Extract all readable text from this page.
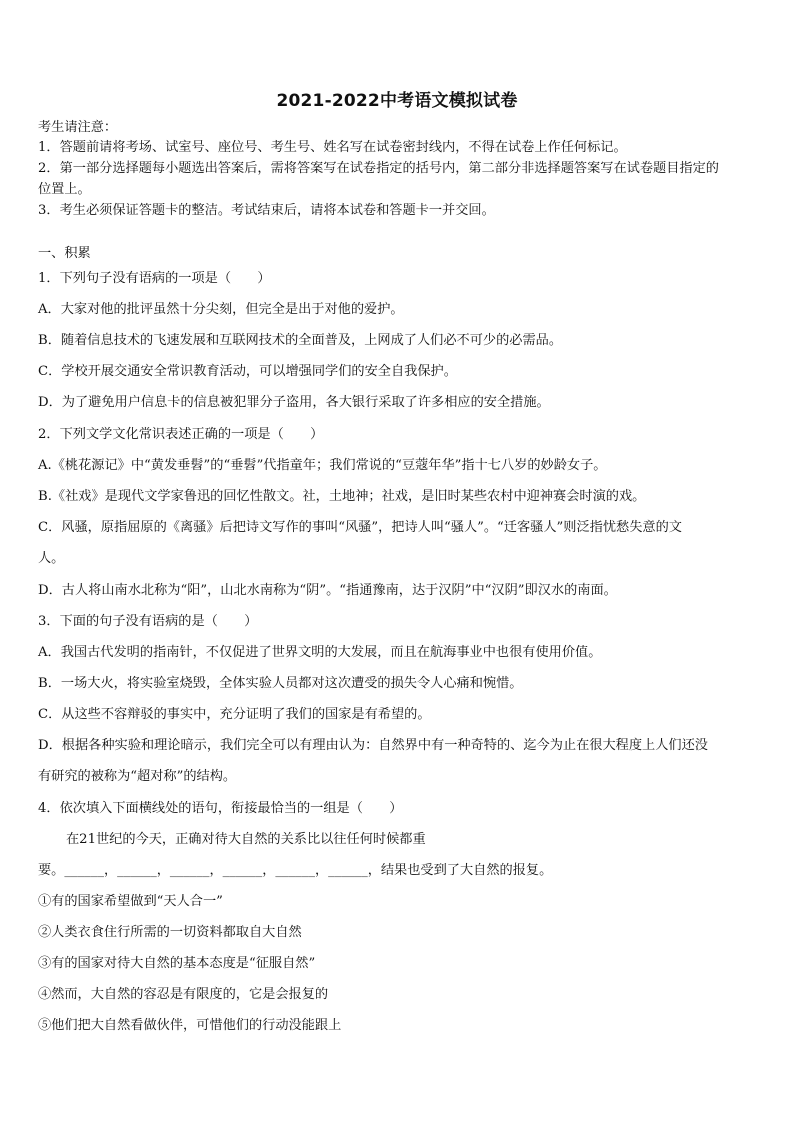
2021-2022中考语文模拟试卷
考生请注意：
1．答题前请将考场、试室号、座位号、考生号、姓名写在试卷密封线内，不得在试卷上作任何标记。
2．第一部分选择题每小题选出答案后，需将答案写在试卷指定的括号内，第二部分非选择题答案写在试卷题目指定的
位置上。
3．考生必须保证答题卡的整洁。考试结束后，请将本试卷和答题卡一并交回。
一、积累
1．下列句子没有语病的一项是（　　）
A．大家对他的批评虽然十分尖刻，但完全是出于对他的爱护。
B．随着信息技术的飞速发展和互联网技术的全面普及，上网成了人们必不可少的必需品。
C．学校开展交通安全常识教育活动，可以增强同学们的安全自我保护。
D．为了避免用户信息卡的信息被犯罪分子盗用，各大银行采取了许多相应的安全措施。
2．下列文学文化常识表述正确的一项是（　　）
A.《桃花源记》中“黄发垂髫”的“垂髫”代指童年；我们常说的“豆蔻年华”指十七八岁的妙龄女子。
B.《社戏》是现代文学家鲁迅的回忆性散文。社，土地神；社戏，是旧时某些农村中迎神赛会时演的戏。
C．风骚，原指屈原的《离骚》后把诗文写作的事叫“风骚”，把诗人叫“骚人”。“迁客骚人”则泛指忧愁失意的文
人。
D．古人将山南水北称为“阳”，山北水南称为“阴”。“指通豫南，达于汉阴”中“汉阴”即汉水的南面。
3．下面的句子没有语病的是（　　）
A．我国古代发明的指南针，不仅促进了世界文明的大发展，而且在航海事业中也很有使用价值。
B．一场大火，将实验室烧毁，全体实验人员都对这次遭受的损失令人心痛和惋惜。
C．从这些不容辩驳的事实中，充分证明了我们的国家是有希望的。
D．根据各种实验和理论暗示，我们完全可以有理由认为：自然界中有一种奇特的、迄今为止在很大程度上人们还没
有研究的被称为“超对称”的结构。
4．依次填入下面横线处的语句，衔接最恰当的一组是（　　）
在21世纪的今天，正确对待大自然的关系比以往任何时候都重
要。______，______，______，______，______，______，结果也受到了大自然的报复。
①有的国家希望做到“天人合一”
②人类衣食住行所需的一切资料都取自大自然
③有的国家对待大自然的基本态度是“征服自然”
④然而，大自然的容忍是有限度的，它是会报复的
⑤他们把大自然看做伙伴，可惜他们的行动没能跟上
